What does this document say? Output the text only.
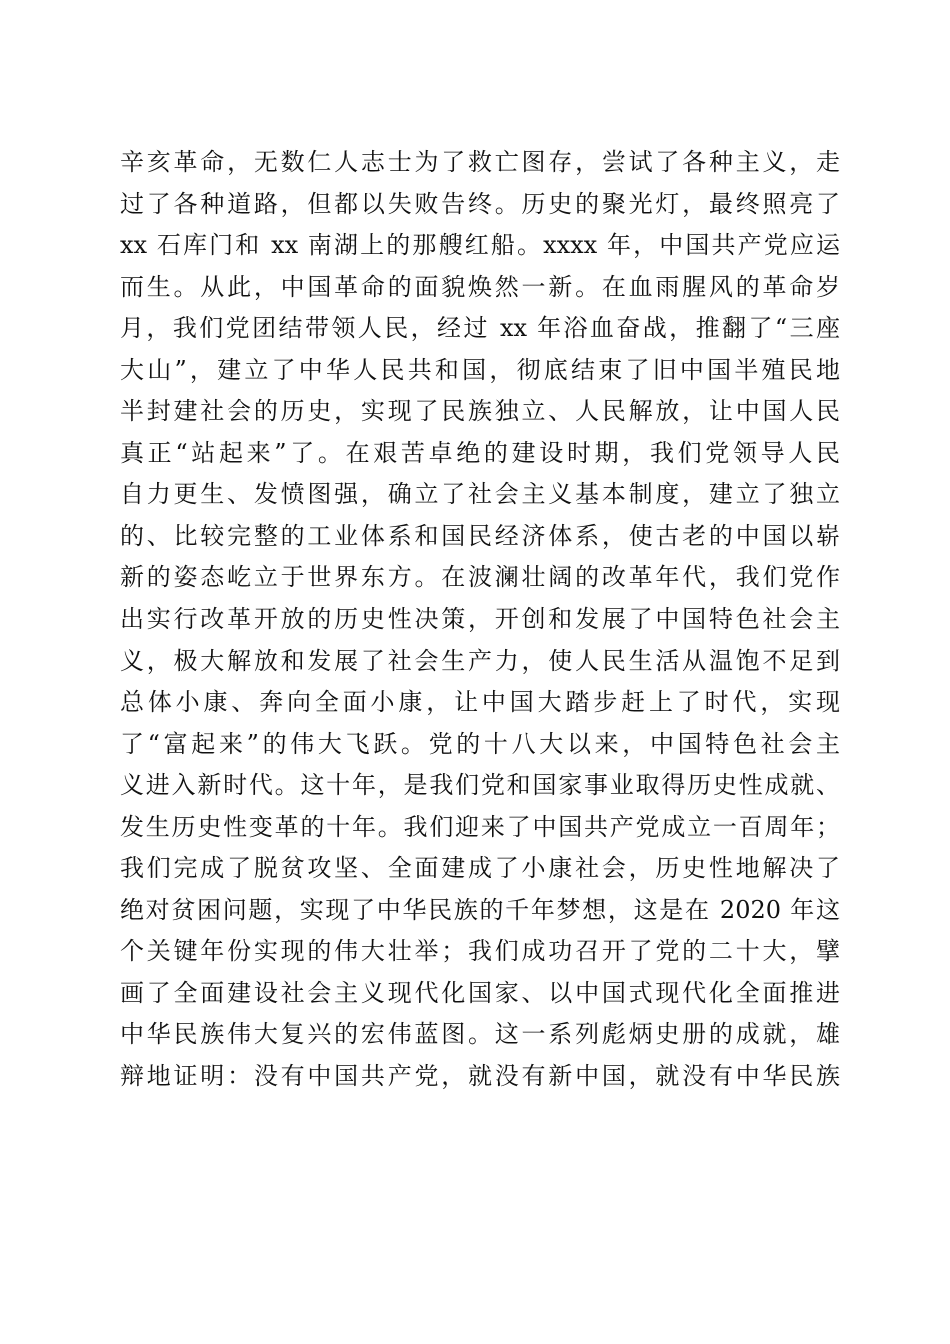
辛亥革命，无数仁人志士为了救亡图存，尝试了各种主义，走
过了各种道路，但都以失败告终。历史的聚光灯，最终照亮了
xx 石库门和 xx 南湖上的那艘红船。xxxx 年，中国共产党应运
而生。从此，中国革命的面貌焕然一新。在血雨腥风的革命岁
月，我们党团结带领人民，经过 xx 年浴血奋战，推翻了“三座
大山”，建立了中华人民共和国，彻底结束了旧中国半殖民地
半封建社会的历史，实现了民族独立、人民解放，让中国人民
真正“站起来”了。在艰苦卓绝的建设时期，我们党领导人民
自力更生、发愤图强，确立了社会主义基本制度，建立了独立
的、比较完整的工业体系和国民经济体系，使古老的中国以崭
新的姿态屹立于世界东方。在波澜壮阔的改革年代，我们党作
出实行改革开放的历史性决策，开创和发展了中国特色社会主
义，极大解放和发展了社会生产力，使人民生活从温饱不足到
总体小康、奔向全面小康，让中国大踏步赶上了时代，实现
了“富起来”的伟大飞跃。党的十八大以来，中国特色社会主
义进入新时代。这十年，是我们党和国家事业取得历史性成就、
发生历史性变革的十年。我们迎来了中国共产党成立一百周年；
我们完成了脱贫攻坚、全面建成了小康社会，历史性地解决了
绝对贫困问题，实现了中华民族的千年梦想，这是在 2020 年这
个关键年份实现的伟大壮举；我们成功召开了党的二十大，擘
画了全面建设社会主义现代化国家、以中国式现代化全面推进
中华民族伟大复兴的宏伟蓝图。这一系列彪炳史册的成就，雄
辩地证明：没有中国共产党，就没有新中国，就没有中华民族
